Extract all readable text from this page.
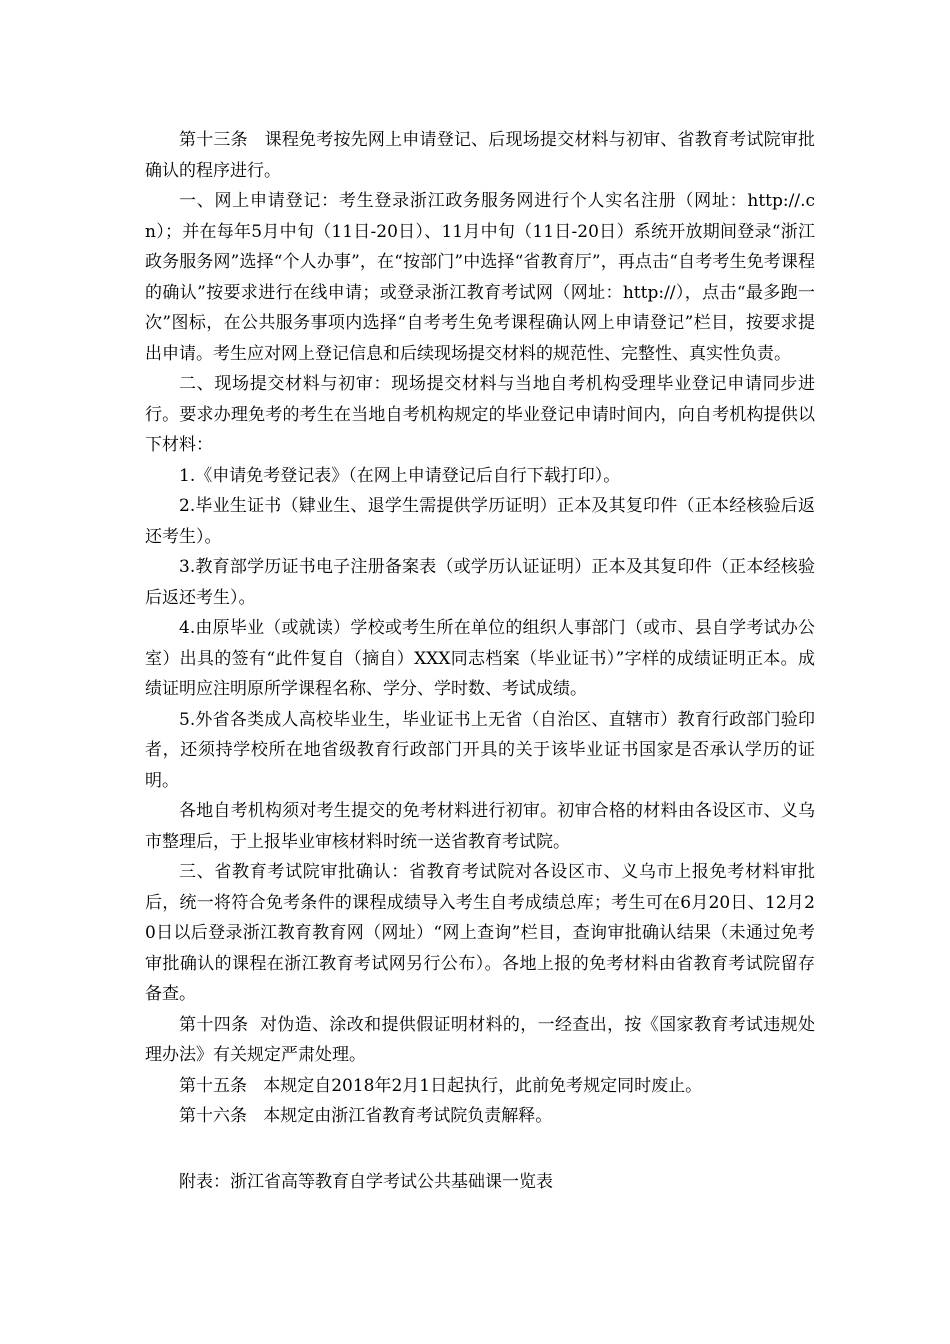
第十三条   课程免考按先网上申请登记、后现场提交材料与初审、省教育考试院审批确认的程序进行。

一、网上申请登记：考生登录浙江政务服务网进行个人实名注册（网址：http://.cn）；并在每年5月中旬（11日-20日）、11月中旬（11日-20日）系统开放期间登录“浙江政务服务网”选择“个人办事”，在“按部门”中选择“省教育厅”，再点击“自考考生免考课程的确认”按要求进行在线申请；或登录浙江教育考试网（网址：http://），点击“最多跑一次”图标，在公共服务事项内选择“自考考生免考课程确认网上申请登记”栏目，按要求提出申请。考生应对网上登记信息和后续现场提交材料的规范性、完整性、真实性负责。

二、现场提交材料与初审：现场提交材料与当地自考机构受理毕业登记申请同步进行。要求办理免考的考生在当地自考机构规定的毕业登记申请时间内，向自考机构提供以下材料：

1.《申请免考登记表》（在网上申请登记后自行下载打印）。

2.毕业生证书（肄业生、退学生需提供学历证明）正本及其复印件（正本经核验后返还考生）。

3.教育部学历证书电子注册备案表（或学历认证证明）正本及其复印件（正本经核验后返还考生）。

4.由原毕业（或就读）学校或考生所在单位的组织人事部门（或市、县自学考试办公室）出具的签有“此件复自（摘自）XXX同志档案（毕业证书）”字样的成绩证明正本。成绩证明应注明原所学课程名称、学分、学时数、考试成绩。

5.外省各类成人高校毕业生，毕业证书上无省（自治区、直辖市）教育行政部门验印者，还须持学校所在地省级教育行政部门开具的关于该毕业证书国家是否承认学历的证明。

各地自考机构须对考生提交的免考材料进行初审。初审合格的材料由各设区市、义乌市整理后，于上报毕业审核材料时统一送省教育考试院。

三、省教育考试院审批确认：省教育考试院对各设区市、义乌市上报免考材料审批后，统一将符合免考条件的课程成绩导入考生自考成绩总库；考生可在6月20日、12月20日以后登录浙江教育教育网（网址）“网上查询”栏目，查询审批确认结果（未通过免考审批确认的课程在浙江教育考试网另行公布）。各地上报的免考材料由省教育考试院留存备查。

第十四条  对伪造、涂改和提供假证明材料的，一经查出，按《国家教育考试违规处理办法》有关规定严肃处理。

第十五条   本规定自2018年2月1日起执行，此前免考规定同时废止。

第十六条   本规定由浙江省教育考试院负责解释。

附表：浙江省高等教育自学考试公共基础课一览表
